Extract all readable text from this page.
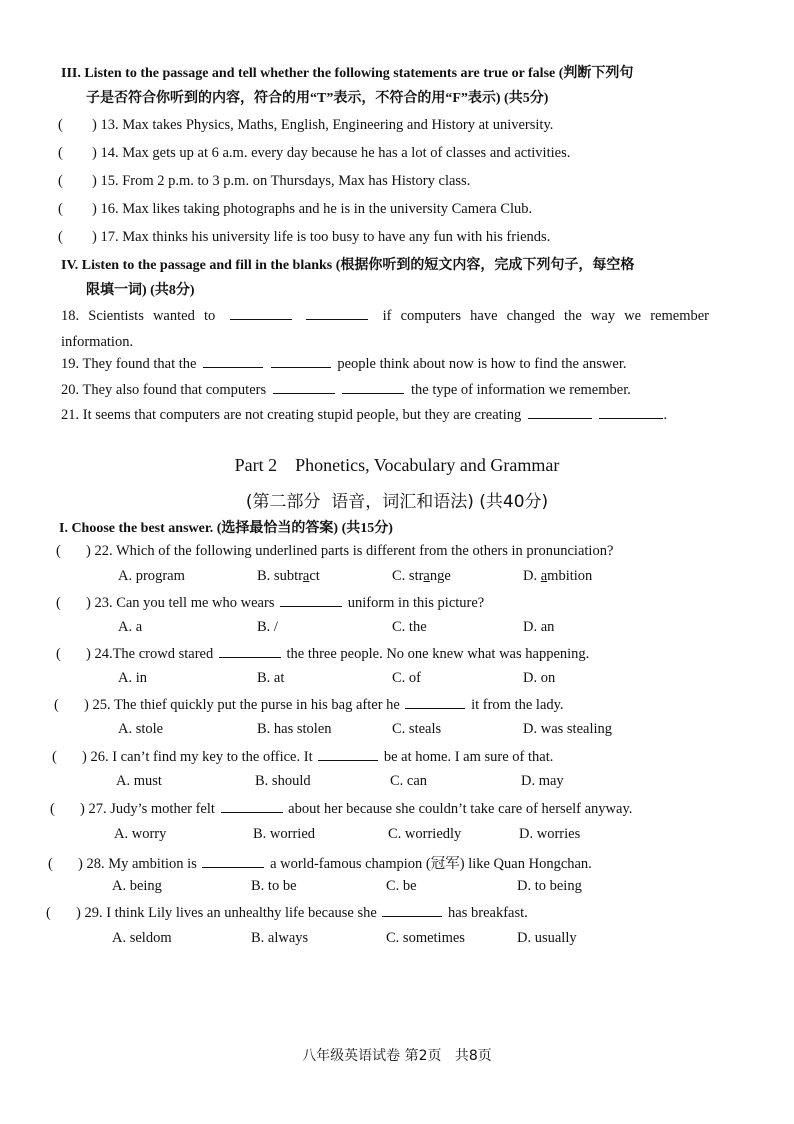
III. Listen to the passage and tell whether the following statements are true or false (判断下列句
子是否符合你听到的内容，符合的用“T”表示，不符合的用“F”表示) (共5分)
( ) 13. Max takes Physics, Maths, English, Engineering and History at university.
( ) 14. Max gets up at 6 a.m. every day because he has a lot of classes and activities.
( ) 15. From 2 p.m. to 3 p.m. on Thursdays, Max has History class.
( ) 16. Max likes taking photographs and he is in the university Camera Club.
( ) 17. Max thinks his university life is too busy to have any fun with his friends.
IV. Listen to the passage and fill in the blanks (根据你听到的短文内容，完成下列句子，每空格
限填一词) (共8分)
18. Scientists wanted to	if computers have changed the way we remember information.
19. They found that the	people think about now is how to find the answer.
20. They also found that computers	the type of information we remember.
21. It seems that computers are not creating stupid people, but they are creating	.
Part 2    Phonetics, Vocabulary and Grammar
(第二部分  语音，词汇和语法) (共40分)
I. Choose the best answer. (选择最恰当的答案) (共15分)
( ) 22. Which of the following underlined parts is different from the others in pronunciation?
A. program	B. subtract	C. strange	D. ambition
( ) 23. Can you tell me who wears	uniform in this picture?
A. a	B. /	C. the	D. an
( ) 24.The crowd stared	the three people. No one knew what was happening.
A. in	B. at	C. of	D. on
( ) 25. The thief quickly put the purse in his bag after he	it from the lady.
A. stole	B. has stolen	C. steals	D. was stealing
( ) 26. I can’t find my key to the office. It	be at home. I am sure of that.
A. must	B. should	C. can	D. may
( ) 27. Judy’s mother felt	about her because she couldn’t take care of herself anyway.
A. worry	B. worried	C. worriedly	D. worries
( ) 28. My ambition is	a world-famous champion (冠军) like Quan Hongchan.
A. being	B. to be	C. be	D. to being
( ) 29. I think Lily lives an unhealthy life because she	has breakfast.
A. seldom	B. always	C. sometimes	D. usually
八年级英语试卷 第2页   共8页
